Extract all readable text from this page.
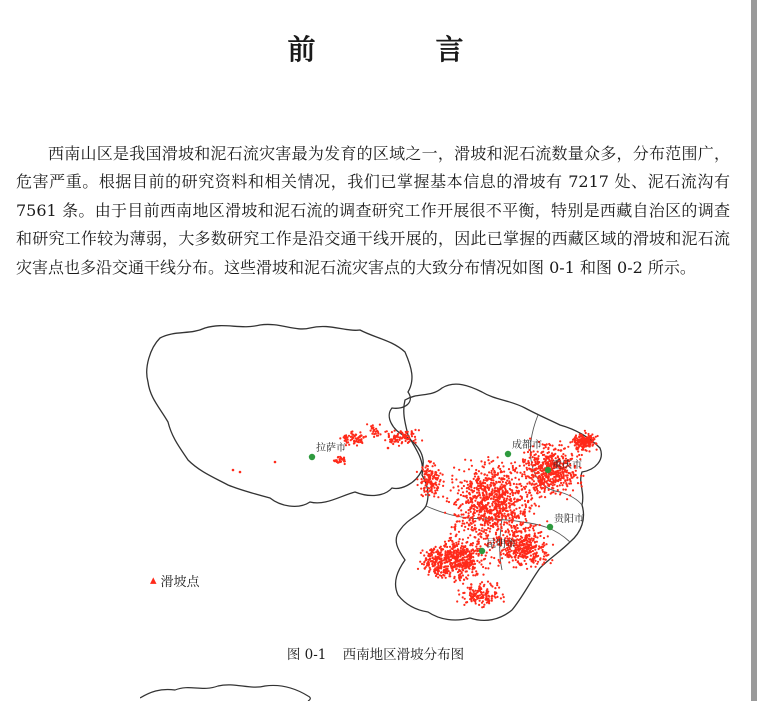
前　言

西南山区是我国滑坡和泥石流灾害最为发育的区域之一，滑坡和泥石流数量众多，分布范围广，危害严重。根据目前的研究资料和相关情况，我们已掌握基本信息的滑坡有 7217 处、泥石流沟有 7561 条。由于目前西南地区滑坡和泥石流的调查研究工作开展很不平衡，特别是西藏自治区的调查和研究工作较为薄弱，大多数研究工作是沿交通干线开展的，因此已掌握的西藏区域的滑坡和泥石流灾害点也多沿交通干线分布。这些滑坡和泥石流灾害点的大致分布情况如图 0-1 和图 0-2 所示。

拉萨市	成都市
重庆市
贵阳市
昆明市
▴ 滑坡点
图 0-1 西南地区滑坡分布图
